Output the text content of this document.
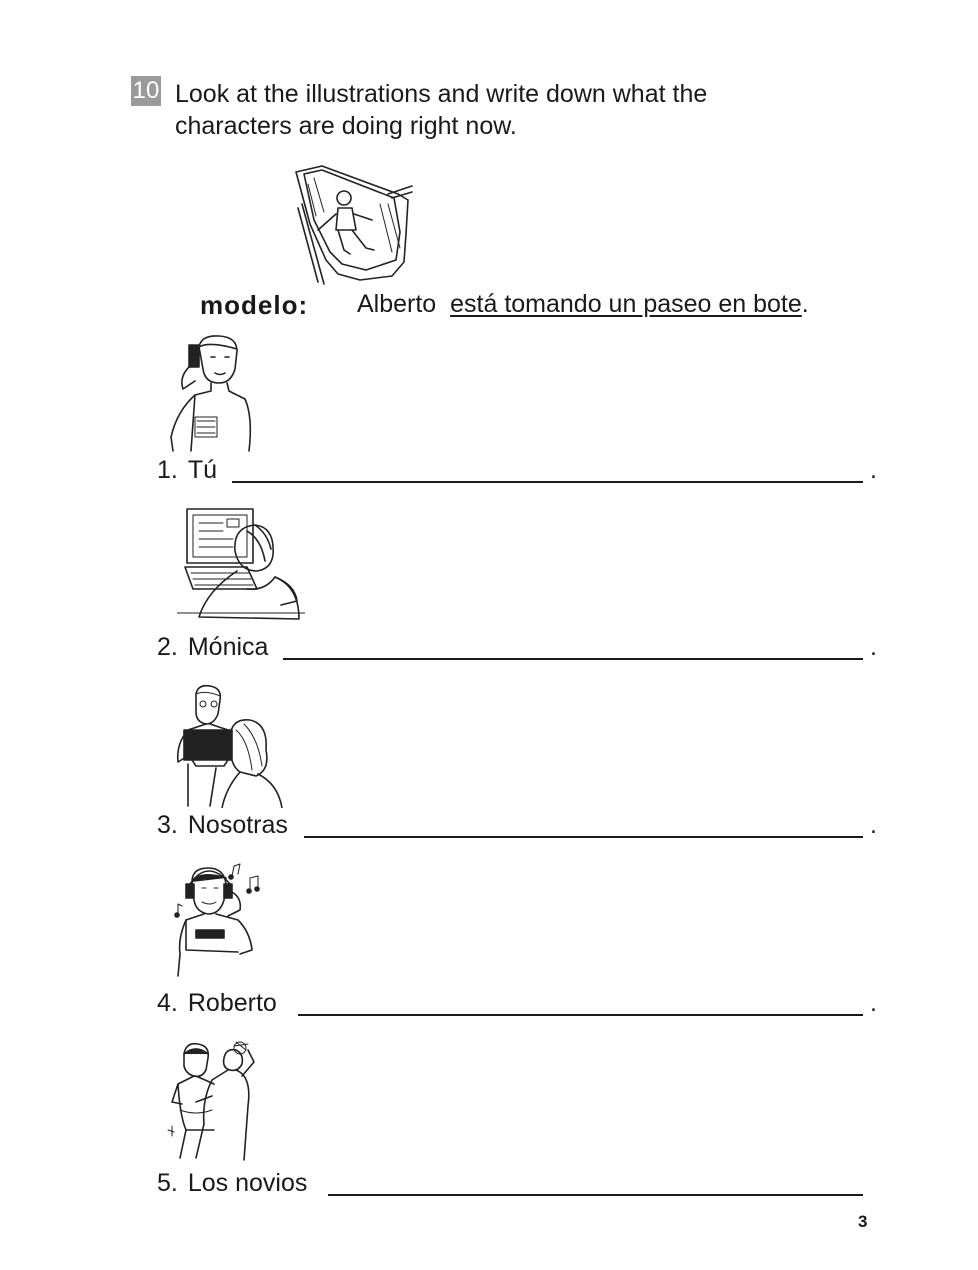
10 Look at the illustrations and write down what the characters are doing right now.
modelo: Alberto está tomando un paseo en bote.
1. Tú	.
2. Mónica	.
3. Nosotras	.
4. Roberto	.
5. Los novios
3
